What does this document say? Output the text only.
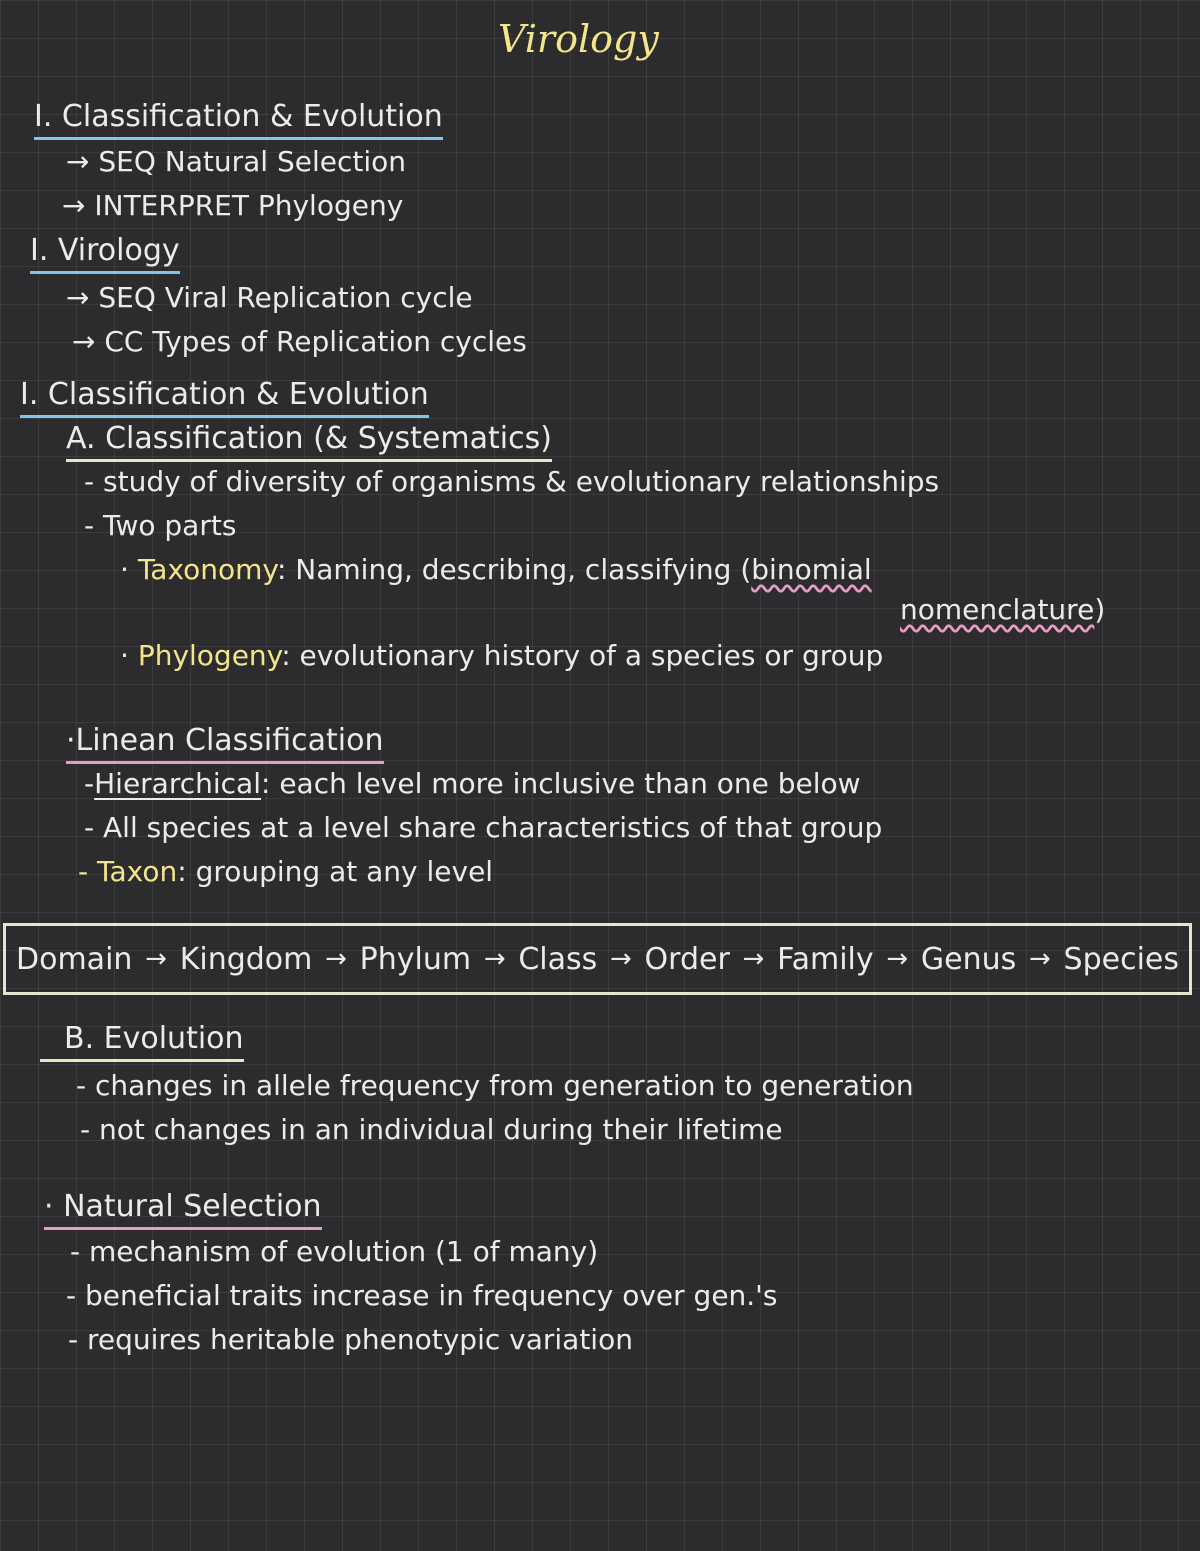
Virology
I. Classification & Evolution
→ SEQ Natural Selection
→ INTERPRET Phylogeny
I. Virology
→ SEQ Viral Replication cycle
→ CC Types of Replication cycles
I. Classification & Evolution
A. Classification (& Systematics)
- study of diversity of organisms & evolutionary relationships
- Two parts
· Taxonomy: Naming, describing, classifying (binomial
nomenclature)
· Phylogeny: evolutionary history of a species or group
·Linean Classification
-Hierarchical: each level more inclusive than one below
- All species at a level share characteristics of that group
- Taxon: grouping at any level
Domain → Kingdom → Phylum → Class → Order → Family → Genus → Species
B. Evolution
- changes in allele frequency from generation to generation
- not changes in an individual during their lifetime
· Natural Selection
- mechanism of evolution (1 of many)
- beneficial traits increase in frequency over gen.'s
- requires heritable phenotypic variation
